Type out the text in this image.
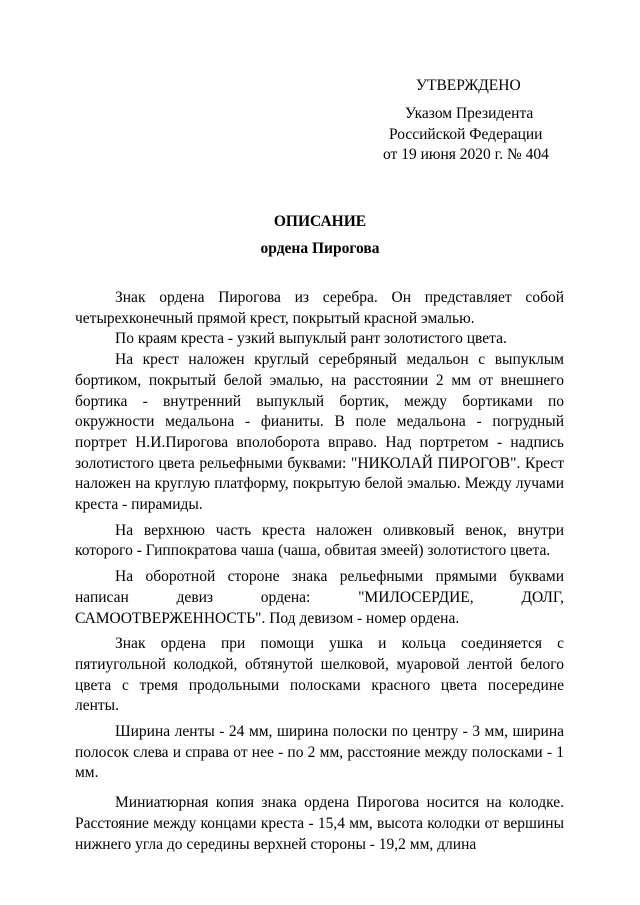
УТВЕРЖДЕНО
Указом Президента
Российской Федерации
от 19 июня 2020 г. № 404
ОПИСАНИЕ
ордена Пирогова

Знак ордена Пирогова из серебра. Он представляет собой четырехконечный прямой крест, покрытый красной эмалью.

По краям креста - узкий выпуклый рант золотистого цвета.

На крест наложен круглый серебряный медальон с выпуклым бортиком, покрытый белой эмалью, на расстоянии 2 мм от внешнего бортика - внутренний выпуклый бортик, между бортиками по окружности медальона - фианиты. В поле медальона - погрудный портрет Н.И.Пирогова вполоборота вправо. Над портретом - надпись золотистого цвета рельефными буквами: "НИКОЛАЙ ПИРОГОВ". Крест наложен на круглую платформу, покрытую белой эмалью. Между лучами креста - пирамиды.

На верхнюю часть креста наложен оливковый венок, внутри которого - Гиппократова чаша (чаша, обвитая змеей) золотистого цвета.

На оборотной стороне знака рельефными прямыми буквами написан девиз ордена: "МИЛОСЕРДИЕ, ДОЛГ, САМООТВЕРЖЕННОСТЬ". Под девизом - номер ордена.

Знак ордена при помощи ушка и кольца соединяется с пятиугольной колодкой, обтянутой шелковой, муаровой лентой белого цвета с тремя продольными полосками красного цвета посередине ленты.

Ширина ленты - 24 мм, ширина полоски по центру - 3 мм, ширина полосок слева и справа от нее - по 2 мм, расстояние между полосками - 1 мм.

Миниатюрная копия знака ордена Пирогова носится на колодке. Расстояние между концами креста - 15,4 мм, высота колодки от вершины нижнего угла до середины верхней стороны - 19,2 мм, длина
